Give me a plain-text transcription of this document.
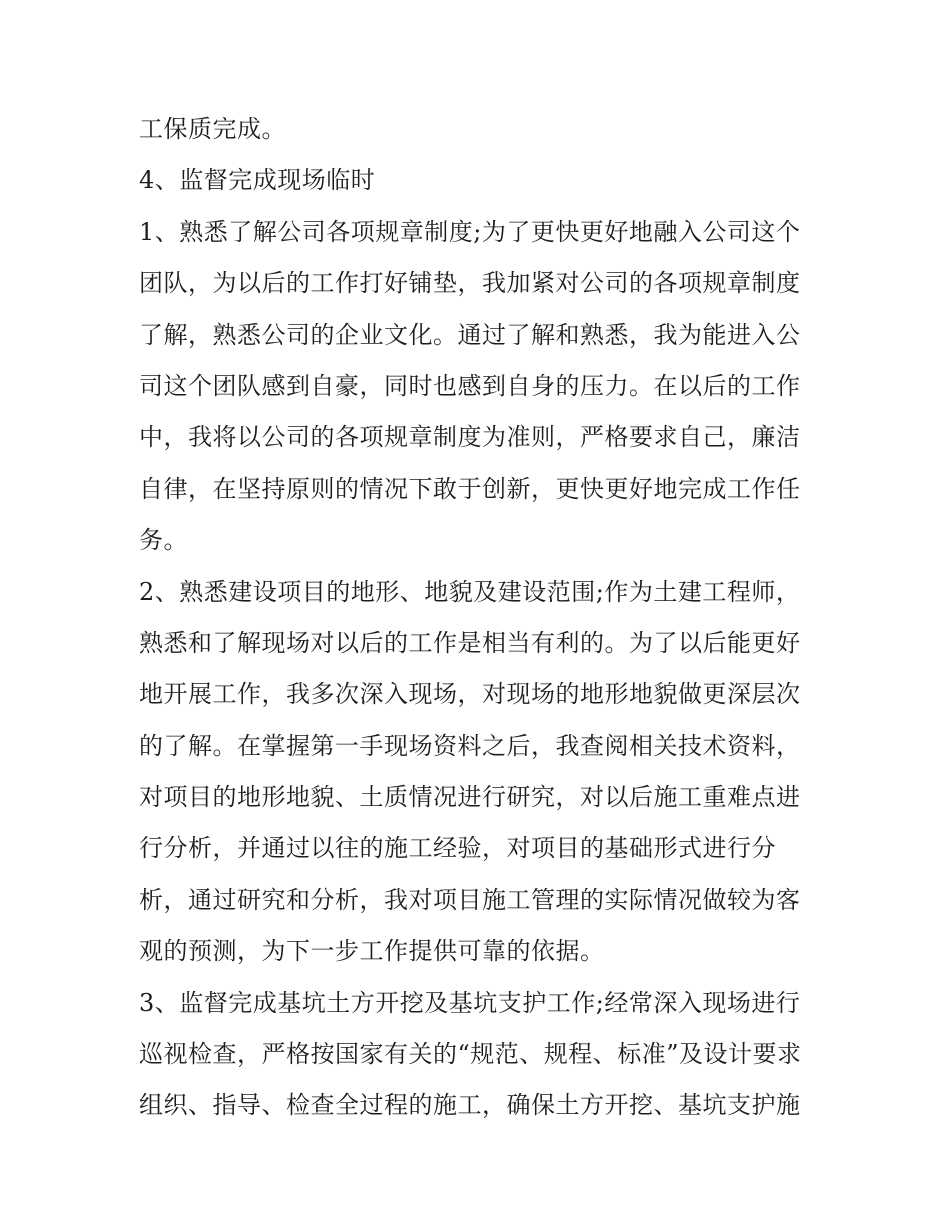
工保质完成。
4、监督完成现场临时
1、熟悉了解公司各项规章制度;为了更快更好地融入公司这个
团队，为以后的工作打好铺垫，我加紧对公司的各项规章制度
了解，熟悉公司的企业文化。通过了解和熟悉，我为能进入公
司这个团队感到自豪，同时也感到自身的压力。在以后的工作
中，我将以公司的各项规章制度为准则，严格要求自己，廉洁
自律，在坚持原则的情况下敢于创新，更快更好地完成工作任
务。
2、熟悉建设项目的地形、地貌及建设范围;作为土建工程师，
熟悉和了解现场对以后的工作是相当有利的。为了以后能更好
地开展工作，我多次深入现场，对现场的地形地貌做更深层次
的了解。在掌握第一手现场资料之后，我查阅相关技术资料，
对项目的地形地貌、土质情况进行研究，对以后施工重难点进
行分析，并通过以往的施工经验，对项目的基础形式进行分
析，通过研究和分析，我对项目施工管理的实际情况做较为客
观的预测，为下一步工作提供可靠的依据。
3、监督完成基坑土方开挖及基坑支护工作;经常深入现场进行
巡视检查，严格按国家有关的“规范、规程、标准”及设计要求
组织、指导、检查全过程的施工，确保土方开挖、基坑支护施
